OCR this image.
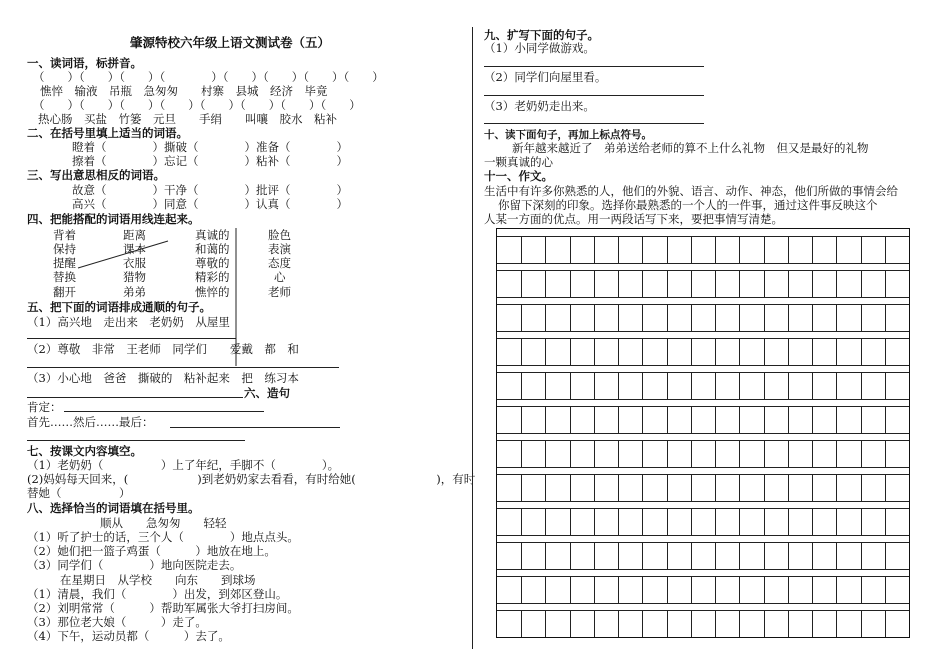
肇源特校六年级上语文测试卷（五）
一、读词语，标拼音。
（　　）（　　）（　　）（　　　　）（　　）（　　）（　　）（　　）
憔悴　输液　吊瓶　急匆匆　　村寨　县城　经济　毕竟
（　　）（　　）（　　）（　　）（　　）（　　）（　　）（　　）
热心肠　买盐　竹篓　元旦　　手绢　　叫嚷　胶水　粘补
二、在括号里填上适当的词语。
瞪着（　　　　）撕破（　　　　）准备（　　　　）
擦着（　　　　）忘记（　　　　）粘补（　　　　）
三、写出意思相反的词语。
故意（　　　　）干净（　　　　）批评（　　　　）
高兴（　　　　）同意（　　　　）认真（　　　　）
四、把能搭配的词语用线连起来。
背着
保持
提醒
替换
翻开
距离
课本
衣服
猎物
弟弟
真诚的
和蔼的
尊敬的
精彩的
憔悴的
脸色
表演
态度
心
老师
五、把下面的词语排成通顺的句子。
（1）高兴地　走出来　老奶奶　从屋里
（2）尊敬　非常　王老师　同学们　　爱戴　都　和
（3）小心地　爸爸　撕破的　粘补起来　把　练习本
六、造句
肯定：
首先……然后……最后：
七、按课文内容填空。
（1）老奶奶（　　　　　）上了年纪，手脚不（　　　　）。
(2)妈妈每天回来，(　　　　　　)到老奶奶家去看看，有时给她(　　　　　　　)，有时
替她（　　　　　）
八、选择恰当的词语填在括号里。
顺从　　急匆匆　　轻轻
（1）听了护士的话，三个人（　　　　）地点点头。
（2）她们把一篮子鸡蛋（　　　）地放在地上。
（3）同学们（　　　　）地向医院走去。
在星期日　从学校　　向东　　到球场
（1）清晨，我们（　　　　）出发，到郊区登山。
（2）刘明常常（　　　）帮助军属张大爷打扫房间。
（3）那位老大娘（　　　）走了。
（4）下午，运动员都（　　　）去了。
九、扩写下面的句子。
（1）小同学做游戏。
（2）同学们向屋里看。
（3）老奶奶走出来。
十、读下面句子，再加上标点符号。
新年越来越近了　弟弟送给老师的算不上什么礼物　但又是最好的礼物
一颗真诚的心
十一、作文。
生活中有许多你熟悉的人，他们的外貌、语言、动作、神态，他们所做的事情会给
你留下深刻的印象。选择你最熟悉的一个人的一件事，通过这件事反映这个
人某一方面的优点。用一两段话写下来，要把事情写清楚。
